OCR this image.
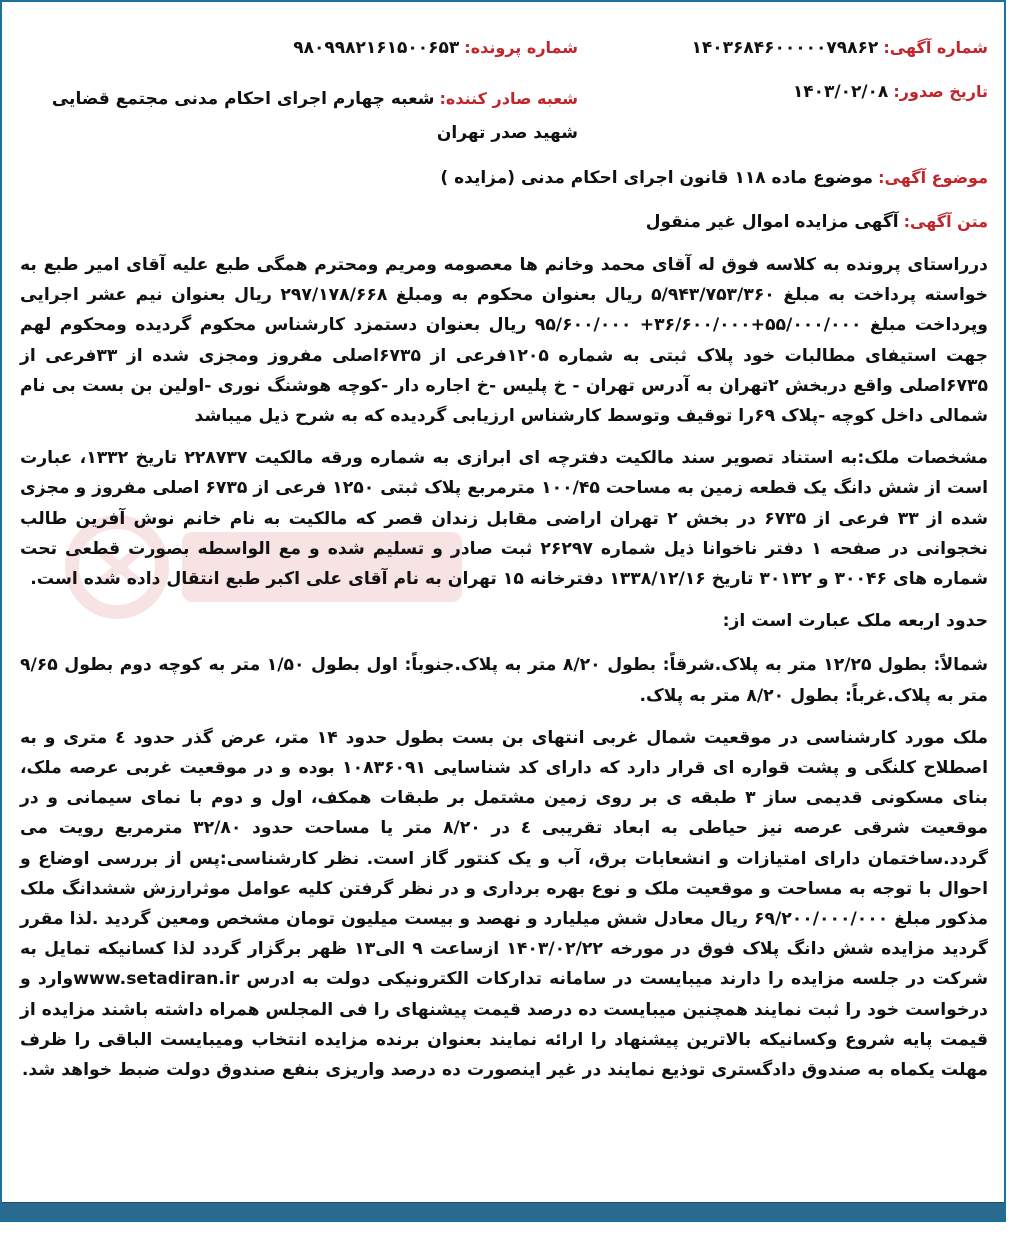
شماره آگهی: ۱۴۰۳۶۸۴۶۰۰۰۰۰۷۹۸۶۲
شماره پرونده: ۹۸۰۹۹۸۲۱۶۱۵۰۰۶۵۳
تاریخ صدور: ۱۴۰۳/۰۲/۰۸
شعبه صادر کننده: شعبه چهارم اجرای احکام مدنی مجتمع قضایی شهید صدر تهران
موضوع آگهی: موضوع ماده ۱۱۸ قانون اجرای احکام مدنی (مزایده )
متن آگهی: آگهی مزایده اموال غیر منقول

درراستای پرونده به کلاسه فوق له آقای محمد وخانم ها معصومه ومریم ومحترم همگی طبع علیه آقای امیر طبع به خواسته پرداخت به مبلغ ۵/۹۴۳/۷۵۳/۳۶۰ ریال بعنوان محکوم به ومبلغ ۲۹۷/۱۷۸/۶۶۸ ریال بعنوان نیم عشر اجرایی وپرداخت مبلغ ۵۵/۰۰۰/۰۰۰+۳۶/۶۰۰/۰۰۰+ ۹۵/۶۰۰/۰۰۰ ریال بعنوان دستمزد کارشناس محکوم گردیده ومحکوم لهم جهت استیفای مطالبات خود پلاک ثبتی به شماره ۱۲۰۵فرعی از ۶۷۳۵اصلی مفروز ومجزی شده از ۳۳فرعی از ۶۷۳۵اصلی واقع دربخش ۲تهران به آدرس تهران - خ پلیس -خ اجاره دار -کوچه هوشنگ نوری -اولین بن بست بی نام شمالی داخل کوچه -پلاک ۶۹را توقیف وتوسط کارشناس ارزیابی گردیده که به شرح ذیل میباشد

مشخصات ملک:به استناد تصویر سند مالکیت دفترچه ای ابرازی به شماره ورقه مالکیت ۲۲۸۷۳۷ تاریخ ۱۳۳۲، عبارت است از شش دانگ یک قطعه زمین به مساحت ۱۰۰/۴۵ مترمربع پلاک ثبتی ۱۲۵۰ فرعی از ۶۷۳۵ اصلی مفروز و مجزی شده از ۳۳ فرعی از ۶۷۳۵ در بخش ۲ تهران اراضی مقابل زندان قصر که مالکیت به نام خانم نوش آفرین طالب نخجوانی در صفحه ۱ دفتر ناخوانا ذیل شماره ۲۶۲۹۷ ثبت صادر و تسلیم شده و مع الواسطه بصورت قطعی تحت شماره های ۳۰۰۴۶ و ۳۰۱۳۲ تاریخ ۱۳۳۸/۱۲/۱۶ دفترخانه ۱۵ تهران به نام آقای علی اکبر طبع انتقال داده شده است.

حدود اربعه ملک عبارت است از:

شمالاً: بطول ۱۲/۲۵ متر به پلاک.شرقاً: بطول ۸/۲۰ متر به پلاک.جنوباً: اول بطول ۱/۵۰ متر به کوچه دوم بطول ۹/۶۵ متر به پلاک.غرباً: بطول ۸/۲۰ متر به پلاک.

ملک مورد کارشناسی در موقعیت شمال غربی انتهای بن بست بطول حدود ۱۴ متر، عرض گذر حدود ٤ متری و به اصطلاح کلنگی و پشت قواره ای قرار دارد که دارای کد شناسایی ۱۰۸۳۶۰۹۱ بوده و در موقعیت غربی عرصه ملک، بنای مسکونی قدیمی ساز ۳ طبقه ی بر روی زمین مشتمل بر طبقات همکف، اول و دوم با نمای سیمانی و در موقعیت شرقی عرصه نیز حیاطی به ابعاد تقریبی ٤ در ۸/۲۰ متر یا مساحت حدود ۳۲/۸۰ مترمربع رویت می گردد.ساختمان دارای امتیازات و انشعابات برق، آب و یک کنتور گاز است. نظر کارشناسی:پس از بررسی اوضاع و احوال با توجه به مساحت و موقعیت ملک و نوع بهره برداری و در نظر گرفتن کلیه عوامل موثرارزش ششدانگ ملک مذکور مبلغ ۶۹/۲۰۰/۰۰۰/۰۰۰ ریال معادل شش میلیارد و نهصد و بیست میلیون تومان مشخص ومعین گردید .لذا مقرر گردید مزایده شش دانگ پلاک فوق در مورخه ۱۴۰۳/۰۲/۲۲ ازساعت ۹ الی۱۳ ظهر برگزار گردد لذا کسانیکه تمایل به شرکت در جلسه مزایده را دارند میبایست در سامانه تدارکات الکترونیکی دولت به ادرس www.setadiran.irوارد و درخواست خود را ثبت نمایند همچنین میبایست ده درصد قیمت پیشنهای را فی المجلس همراه داشته باشند مزایده از قیمت پایه شروع وکسانیکه بالاترین پیشنهاد را ارائه نمایند بعنوان برنده مزایده انتخاب ومیبایست الباقی را ظرف مهلت یکماه به صندوق دادگستری توذیع نمایند در غیر اینصورت ده درصد واریزی بنفع صندوق دولت ضبط خواهد شد.
